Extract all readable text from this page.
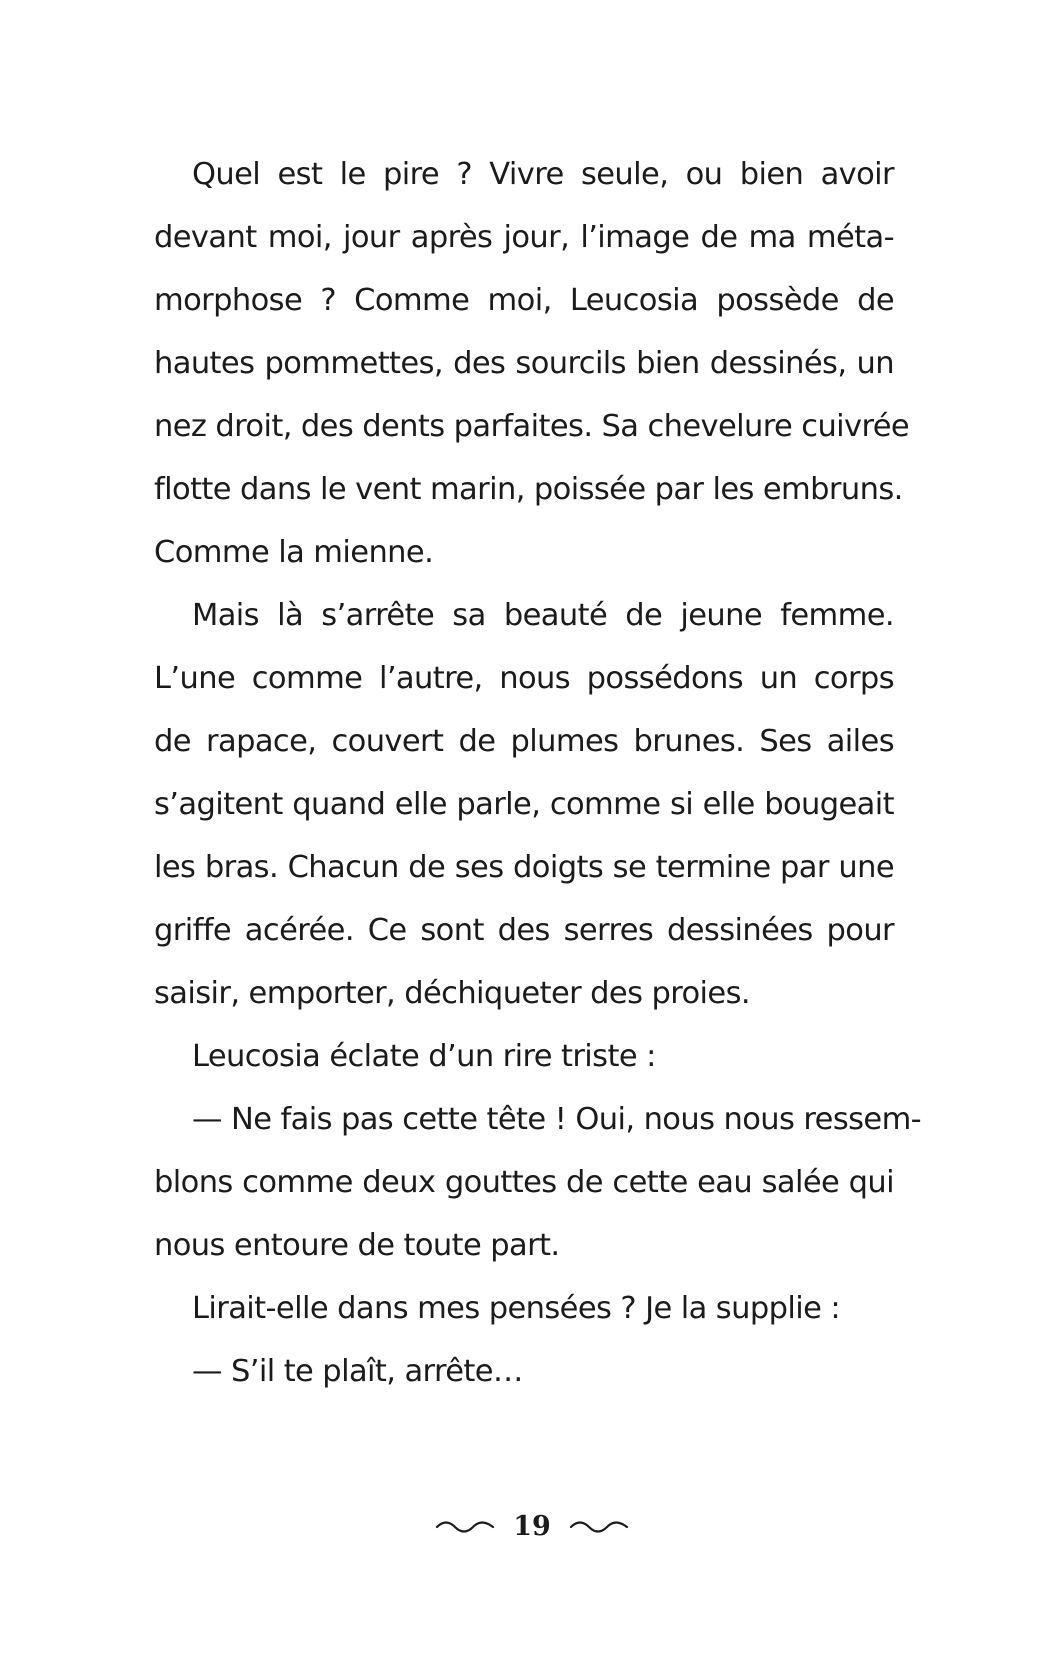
Quel est le pire ? Vivre seule, ou bien avoir
devant moi, jour après jour, l’image de ma méta-
morphose ? Comme moi, Leucosia possède de
hautes pommettes, des sourcils bien dessinés, un
nez droit, des dents parfaites. Sa chevelure cuivrée
flotte dans le vent marin, poissée par les embruns.
Comme la mienne.
Mais là s’arrête sa beauté de jeune femme.
L’une comme l’autre, nous possédons un corps
de rapace, couvert de plumes brunes. Ses ailes
s’agitent quand elle parle, comme si elle bougeait
les bras. Chacun de ses doigts se termine par une
griffe acérée. Ce sont des serres dessinées pour
saisir, emporter, déchiqueter des proies.
Leucosia éclate d’un rire triste :
— Ne fais pas cette tête ! Oui, nous nous ressem-
blons comme deux gouttes de cette eau salée qui
nous entoure de toute part.
Lirait-elle dans mes pensées ? Je la supplie :
— S’il te plaît, arrête…
19
